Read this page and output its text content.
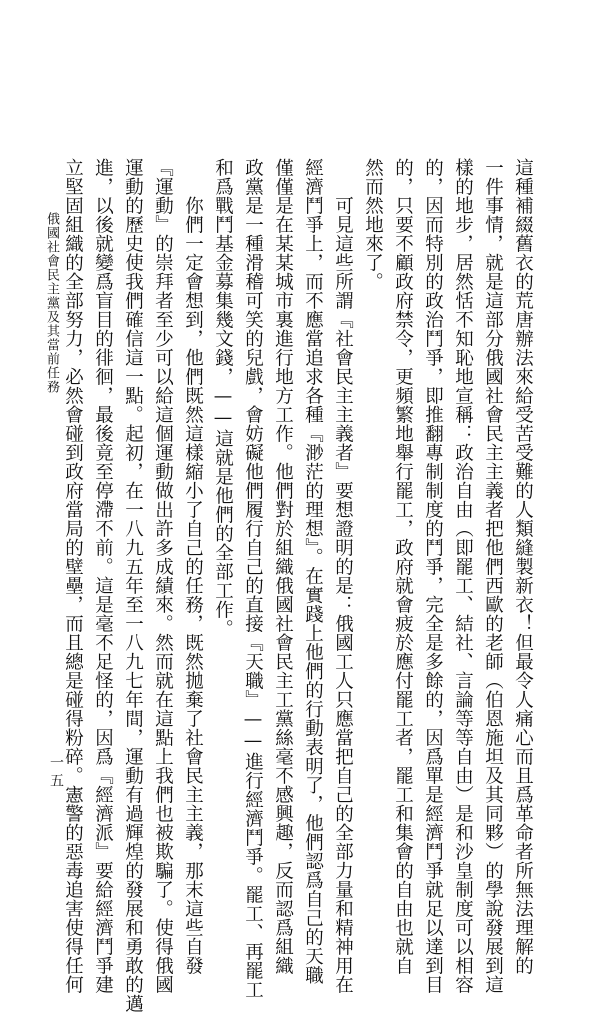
這種補綴舊衣的荒唐辦法來給受苦受難的人類縫製新衣！但最令人痛心而且爲革命者所無法理解的
一件事情，就是這部分俄國社會民主主義者把他們西歐的老師（伯恩施坦及其同夥）的學說發展到這
樣的地步，居然恬不知恥地宣稱：政治自由（即罷工、結社、言論等等自由）是和沙皇制度可以相容
的，因而特別的政治鬥爭，即推翻專制制度的鬥爭，完全是多餘的，因爲單是經濟鬥爭就足以達到目
的，只要不顧政府禁令，更頻繁地舉行罷工，政府就會疲於應付罷工者，罷工和集會的自由也就自
然而然地來了。
　　可見這些所謂『社會民主主義者』要想證明的是：俄國工人只應當把自己的全部力量和精神用在
經濟鬥爭上，而不應當追求各種『渺茫的理想』。在實踐上他們的行動表明了，他們認爲自己的天職
僅僅是在某某城市裏進行地方工作。他們對於組織俄國社會民主工黨絲毫不感興趣，反而認爲組織
政黨是一種滑稽可笑的兒戲，會妨礙他們履行自己的直接『天職』——進行經濟鬥爭。罷工、再罷工
和爲戰鬥基金募集幾文錢，——這就是他們的全部工作。
　　你們一定會想到，他們既然這樣縮小了自己的任務，既然拋棄了社會民主主義，那末這些自發
『運動』的崇拜者至少可以給這個運動做出許多成績來。然而就在這點上我們也被欺騙了。使得俄國
運動的歷史使我們確信這一點。起初，在一八九五年至一八九七年間，運動有過輝煌的發展和勇敢的邁
進，以後就變爲盲目的徘徊，最後竟至停滯不前。這是毫不足怪的，因爲『經濟派』要給經濟鬥爭建
立堅固組織的全部努力，必然會碰到政府當局的壁壘，而且總是碰得粉碎。憲警的惡毒追害使得任何
俄國社會民主黨及其當前任務
一五
